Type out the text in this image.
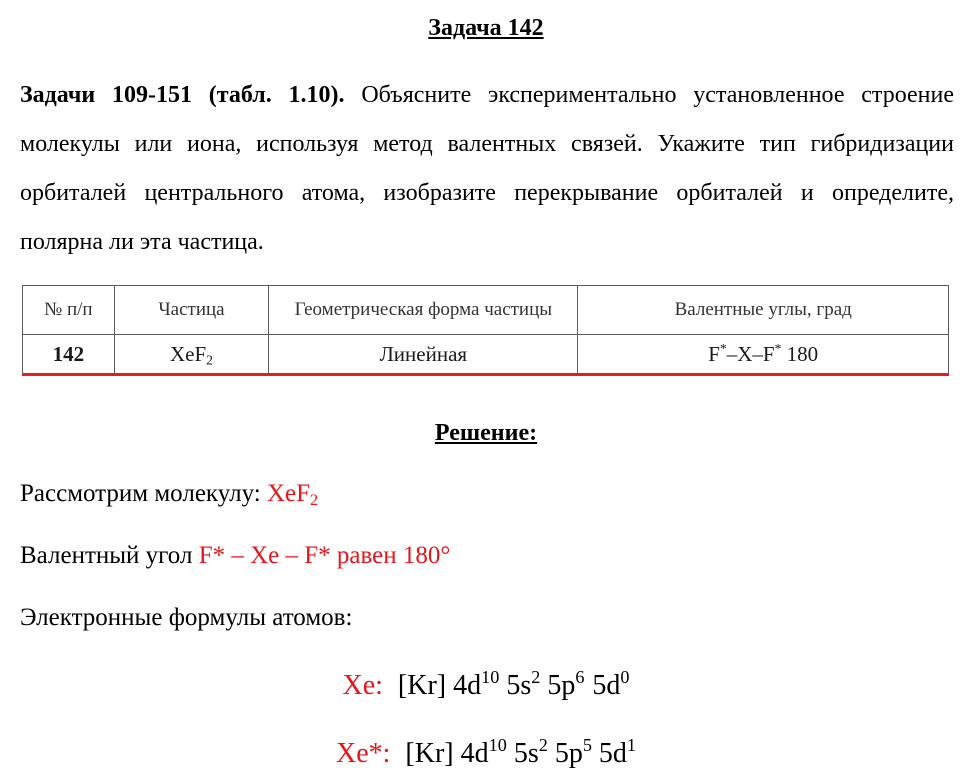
Задача 142
Задачи 109-151 (табл. 1.10). Объясните экспериментально установленное строение молекулы или иона, используя метод валентных связей. Укажите тип гибридизации орбиталей центрального атома, изобразите перекрывание орбиталей и определите, полярна ли эта частица.
№ п/п	Частица	Геометрическая форма частицы	Валентные углы, град
142	XeF$_2$	Линейная	F*–X–F* 180
Решение:
Рассмотрим молекулу: XeF$_2$
Валентный угол F* – Xe – F* равен 180°
Электронные формулы атомов:
Xe: [Kr] $4d^{10}$ $5s^2$ $5p^6$ $5d^0$
Xe*: [Kr] $4d^{10}$ $5s^2$ $5p^5$ $5d^1$
